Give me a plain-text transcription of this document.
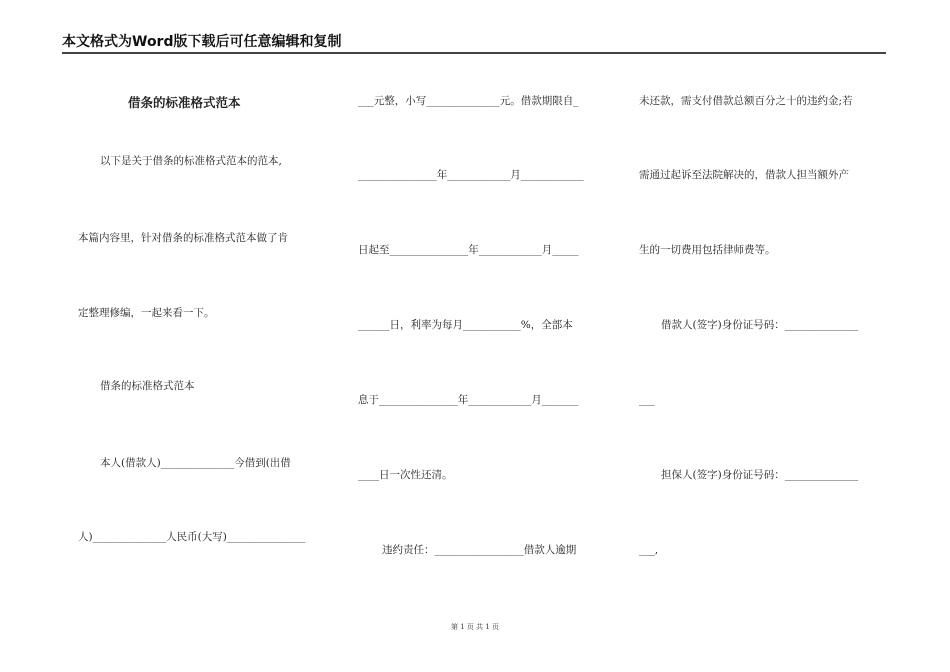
本文格式为Word版下载后可任意编辑和复制
借条的标准格式范本
以下是关于借条的标准格式范本的范本,
本篇内容里，针对借条的标准格式范本做了肯
定整理修编，一起来看一下。
借条的标准格式范本
本人(借款人)______________今借到(出借
人)______________人民币(大写)_______________
___元整，小写______________元。借款期限自_
_______________年____________月____________
日起至_______________年____________月_____
______日，利率为每月___________%，全部本
息于_______________年____________月_______
____日一次性还清。
违约责任：_________________借款人逾期
未还款，需支付借款总额百分之十的违约金;若
需通过起诉至法院解决的，借款人担当额外产
生的一切费用包括律师费等。
借款人(签字)身份证号码：______________
___
担保人(签字)身份证号码：______________
___,
第 1 页 共 1 页
